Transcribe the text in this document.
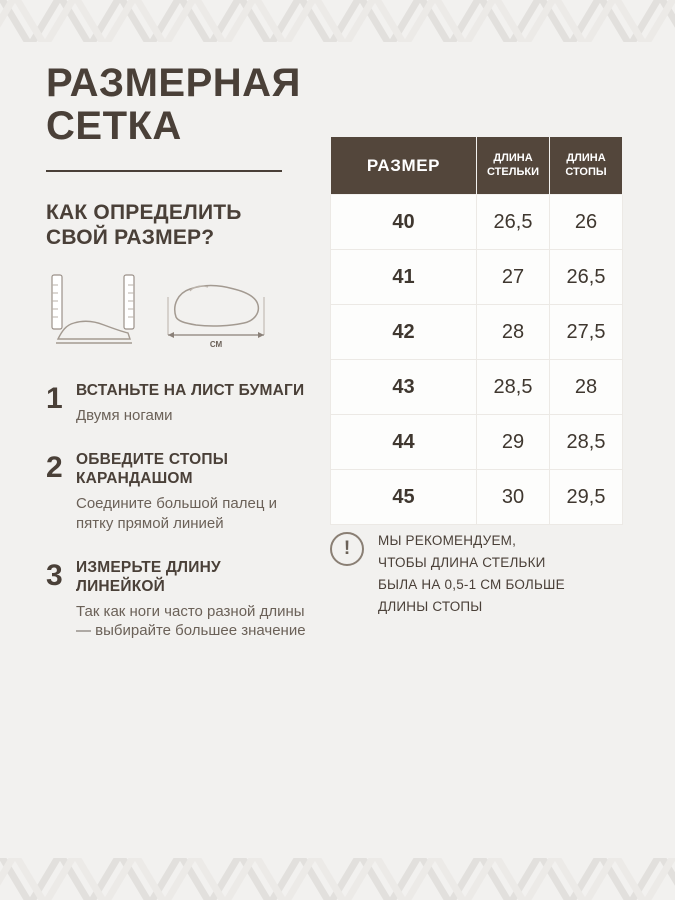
РАЗМЕРНАЯ СЕТКА
КАК ОПРЕДЕЛИТЬ СВОЙ РАЗМЕР?
СМ
1 ВСТАНЬТЕ НА ЛИСТ БУМАГИ
Двумя ногами
2 ОБВЕДИТЕ СТОПЫ КАРАНДАШОМ
Соедините большой палец и пятку прямой линией
3 ИЗМЕРЬТЕ ДЛИНУ ЛИНЕЙКОЙ
Так как ноги часто разной длины — выбирайте большее значение
РАЗМЕР	ДЛИНА СТЕЛЬКИ	ДЛИНА СТОПЫ
40	26,5	26
41	27	26,5
42	28	27,5
43	28,5	28
44	29	28,5
45	30	29,5
!	МЫ РЕКОМЕНДУЕМ,
ЧТОБЫ ДЛИНА СТЕЛЬКИ
БЫЛА НА 0,5-1 СМ БОЛЬШЕ
ДЛИНЫ СТОПЫ
